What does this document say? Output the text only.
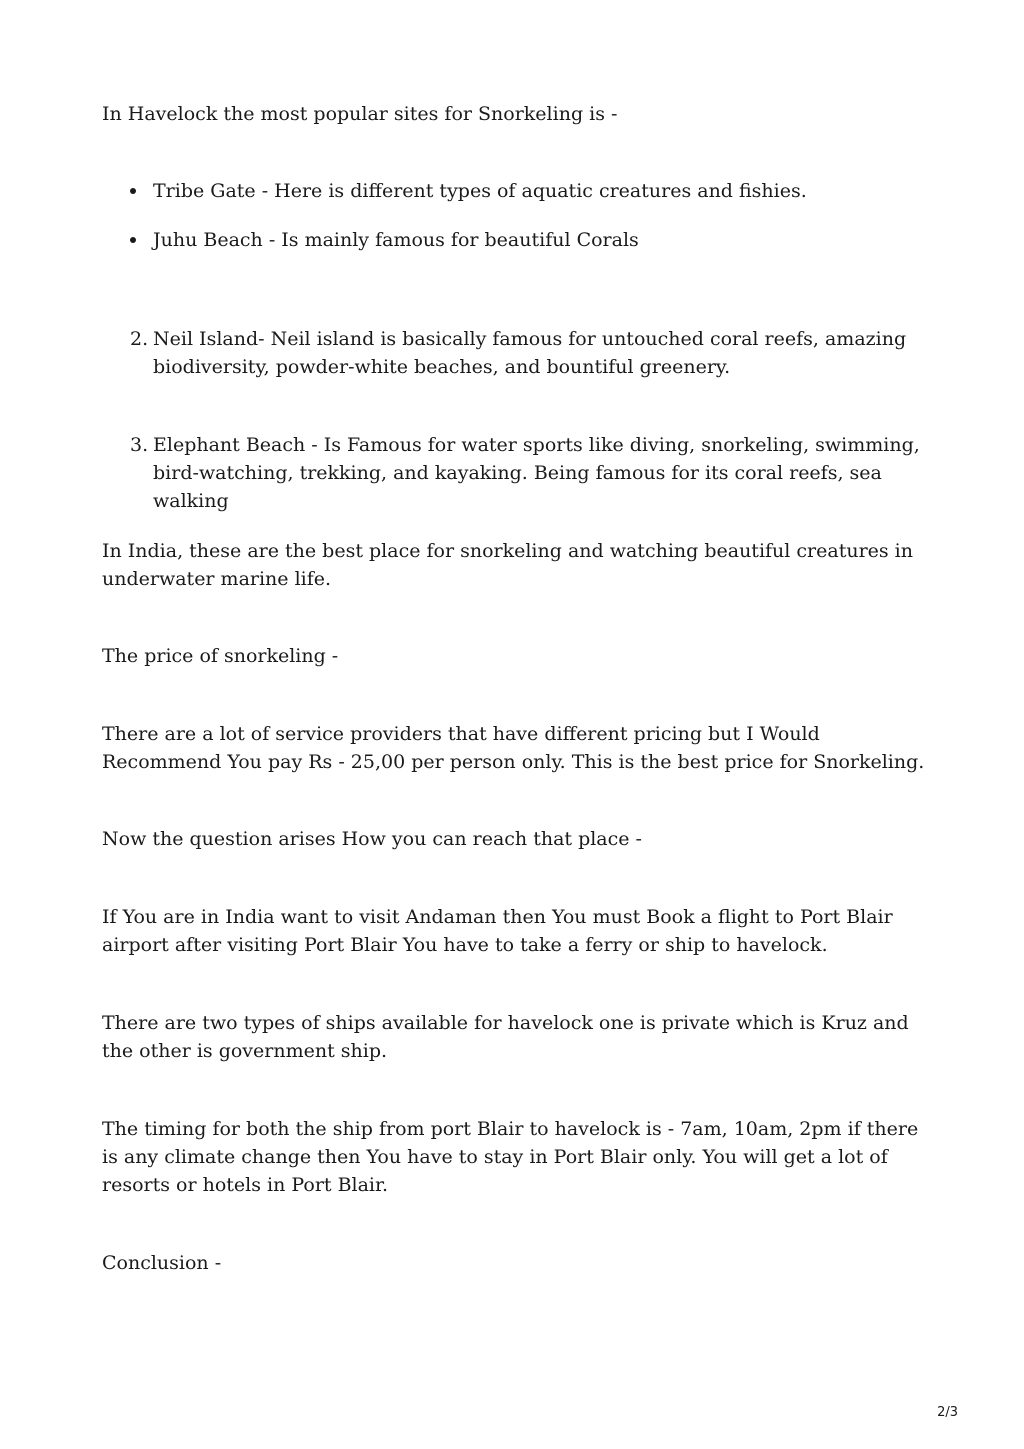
In Havelock the most popular sites for Snorkeling is -

Tribe Gate - Here is different types of aquatic creatures and fishies.
Juhu Beach - Is mainly famous for beautiful Corals
2. Neil Island- Neil island is basically famous for untouched coral reefs, amazing biodiversity, powder-white beaches, and bountiful greenery.
3. Elephant Beach - Is Famous for water sports like diving, snorkeling, swimming, bird-watching, trekking, and kayaking. Being famous for its coral reefs, sea walking

In India, these are the best place for snorkeling and watching beautiful creatures in underwater marine life.

The price of snorkeling -

There are a lot of service providers that have different pricing but I Would Recommend You pay Rs - 25,00 per person only. This is the best price for Snorkeling.

Now the question arises How you can reach that place -

If You are in India want to visit Andaman then You must Book a flight to Port Blair airport after visiting Port Blair You have to take a ferry or ship to havelock.

There are two types of ships available for havelock one is private which is Kruz and the other is government ship.

The timing for both the ship from port Blair to havelock is - 7am, 10am, 2pm if there is any climate change then You have to stay in Port Blair only. You will get a lot of resorts or hotels in Port Blair.

Conclusion -

2/3
